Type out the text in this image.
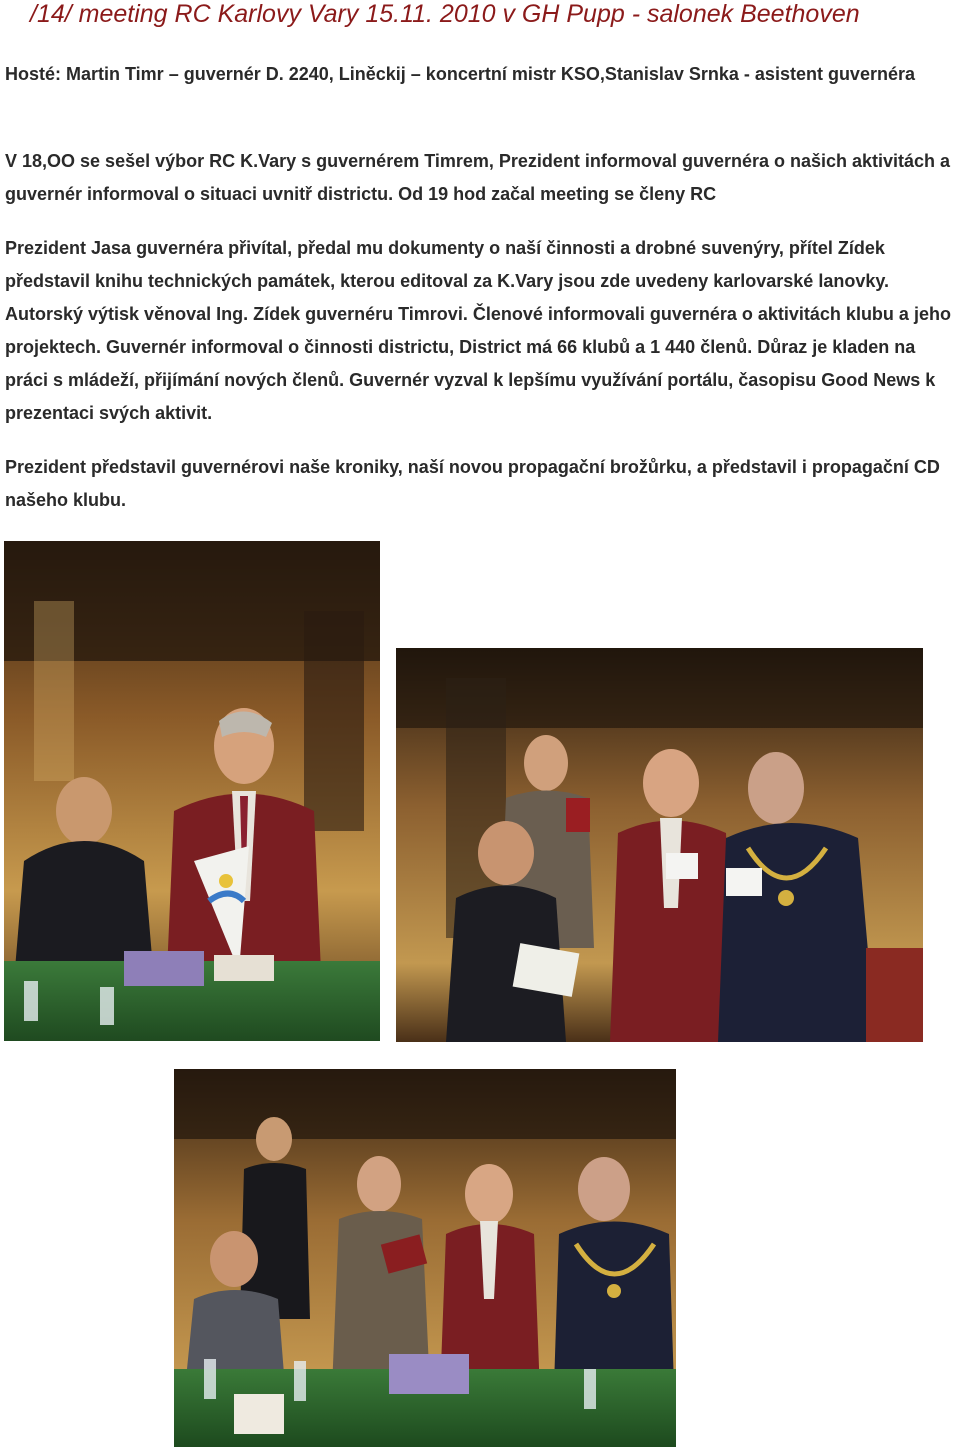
/14/ meeting RC Karlovy Vary 15.11. 2010 v GH Pupp - salonek Beethoven

Hosté: Martin Timr – guvernér D. 2240, Liněckij – koncertní mistr KSO,Stanislav Srnka - asistent guvernéra

V 18,OO se sešel výbor RC K.Vary s guvernérem Timrem, Prezident informoval guvernéra o našich aktivitách a guvernér informoval o situaci uvnitř districtu. Od 19 hod začal meeting se členy RC

Prezident Jasa guvernéra přivítal, předal mu dokumenty o naší činnosti a drobné suvenýry, přítel Zídek představil knihu technických památek, kterou editoval za K.Vary jsou zde uvedeny karlovarské lanovky. Autorský výtisk věnoval Ing. Zídek guvernéru Timrovi. Členové informovali guvernéra o aktivitách klubu a jeho projektech. Guvernér informoval o činnosti districtu, District má 66 klubů a 1 440 členů. Důraz je kladen na práci s mládeží, přijímání nových členů. Guvernér vyzval k lepšímu využívání portálu, časopisu Good News k prezentaci svých aktivit.

Prezident představil guvernérovi naše kroniky, naší novou propagační brožůrku, a představil i propagační CD našeho klubu.
